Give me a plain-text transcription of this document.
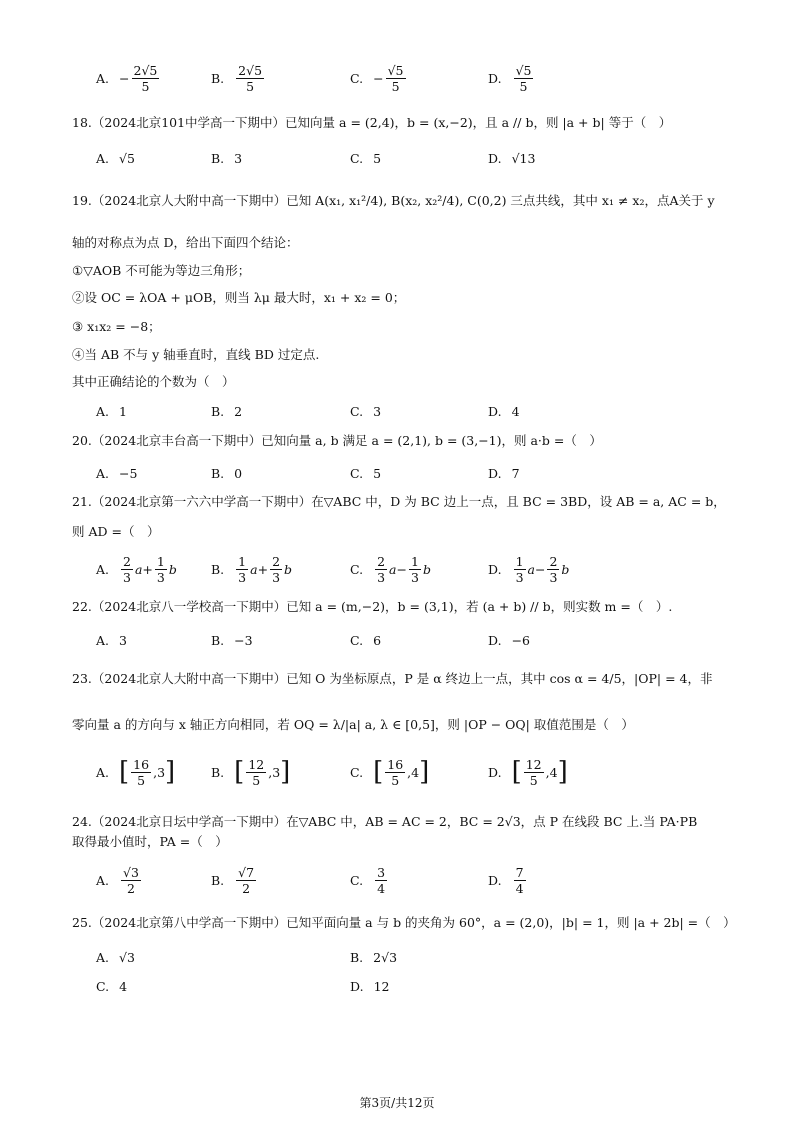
A. − $\frac{2√5}{5}$	B. $\frac{2√5}{5}$	C. − $\frac{√5}{5}$	D. $\frac{√5}{5}$
18.（2024北京101中学高一下期中）已知向量 a = (2,4)，b = (x,−2)，且 a // b，则 |a + b| 等于（　）
A. √5	B. 3	C. 5	D. √13
19.（2024北京人大附中高一下期中）已知 A(x₁, x₁²/4), B(x₂, x₂²/4), C(0,2) 三点共线，其中 x₁ ≠ x₂，点A关于 y
轴的对称点为点 D，给出下面四个结论：
①▽AOB 不可能为等边三角形；
②设 OC = λOA + μOB，则当 λμ 最大时，x₁ + x₂ = 0；
③ x₁x₂ = −8；
④当 AB 不与 y 轴垂直时，直线 BD 过定点.
其中正确结论的个数为（　）
A. 1	B. 2	C. 3	D. 4
20.（2024北京丰台高一下期中）已知向量 a, b 满足 a = (2,1), b = (3,−1)，则 a·b =（　）
A. −5	B. 0	C. 5	D. 7
21.（2024北京第一六六中学高一下期中）在▽ABC 中，D 为 BC 边上一点，且 BC = 3BD，设 AB = a, AC = b，
则 AD =（　）
A. $\frac{2}{3}$ $a + \frac{1}{3}$ b	B. $\frac{1}{3}$ $a + \frac{2}{3}$ b	C. $\frac{2}{3}$ $a - \frac{1}{3}$ b	D. $\frac{1}{3}$ $a - \frac{2}{3}$ b
22.（2024北京八一学校高一下期中）已知 a = (m,−2)，b = (3,1)，若 (a + b) // b，则实数 m =（　）.
A. 3	B. −3	C. 6	D. −6
23.（2024北京人大附中高一下期中）已知 O 为坐标原点，P 是 α 终边上一点，其中 cos α = 4/5，|OP| = 4，非
零向量 a 的方向与 x 轴正方向相同，若 OQ = λ/|a| a, λ ∈ [0,5]，则 |OP − OQ| 取值范围是（　）
A. [ $\frac{16}{5}$ , 3 ]	B. [ $\frac{12}{5}$ , 3 ]	C. [ $\frac{16}{5}$ , 4 ]	D. [ $\frac{12}{5}$ , 4 ]
24.（2024北京日坛中学高一下期中）在▽ABC 中，AB = AC = 2，BC = 2√3，点 P 在线段 BC 上.当 PA·PB
取得最小值时，PA =（　）
A. $\frac{√3}{2}$	B. $\frac{√7}{2}$	C. $\frac{3}{4}$	D. $\frac{7}{4}$
25.（2024北京第八中学高一下期中）已知平面向量 a 与 b 的夹角为 60°，a = (2,0)，|b| = 1，则 |a + 2b| =（　）
A. √3	B. 2√3
C. 4	D. 12
第3页/共12页
